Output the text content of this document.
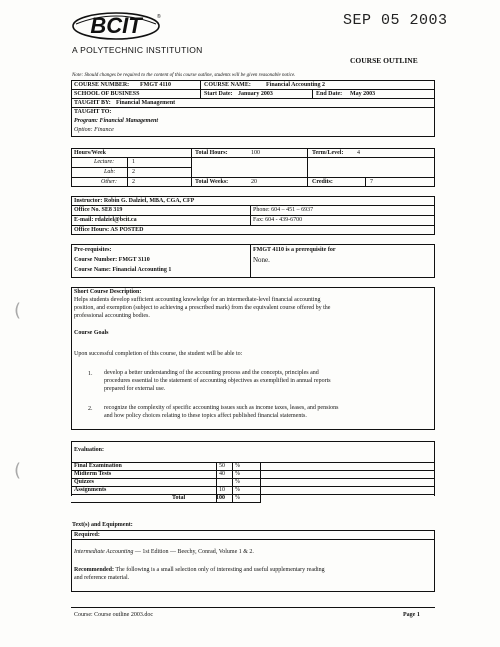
BCIT	®
A POLYTECHNIC INSTITUTION
SEP 05 2003
COURSE OUTLINE
Note: Should changes be required to the content of this course outline, students will be given reasonable notice.
COURSE NUMBER: FMGT 4110	COURSE NAME:	Financial Accounting 2
SCHOOL OF BUSINESS	Start Date: January 2003	End Date: May 2003
TAUGHT BY: Financial Management
TAUGHT TO:
Program: Financial Management
Option: Finance
Hours/Week
Lecture:	1
Lab:	2
Other:	2
Total Hours:	100	Term/Level: 4
Total Weeks:	20	Credits:	7
Instructor: Robin G. Dalziel, MBA, CGA, CFP
Office No. SE8 319	Phone: 604 – 451 – 6937
E-mail: rdalziel@bcit.ca	Fax: 604 - 439-6700
Office Hours: AS POSTED
Pre-requisites:
Course Number: FMGT 3110
Course Name: Financial Accounting 1
FMGT 4110 is a prerequisite for
None.
Short Course Description:
Helps students develop sufficient accounting knowledge for an intermediate-level financial accounting
position, and exemption (subject to achieving a prescribed mark) from the equivalent course offered by the
professional accounting bodies.
Course Goals
Upon successful completion of this course, the student will be able to:
1. develop a better understanding of the accounting process and the concepts, principles and
procedures essential to the statement of accounting objectives as exemplified in annual reports
prepared for external use.
2. recognize the complexity of specific accounting issues such as income taxes, leases, and pensions
and how policy choices relating to these topics affect published financial statements.
Evaluation:
Final Examination	50 %
Midterm Tests	40 %
Quizzes	%
Assignments	10 %
Total	100 %
Text(s) and Equipment:
Required:
Intermediate Accounting — 1st Edition — Beechy, Conrad, Volume 1 & 2.
Recommended: The following is a small selection only of interesting and useful supplementary reading
and reference material.
Course: Course outline 2003.doc	Page 1
(
(
